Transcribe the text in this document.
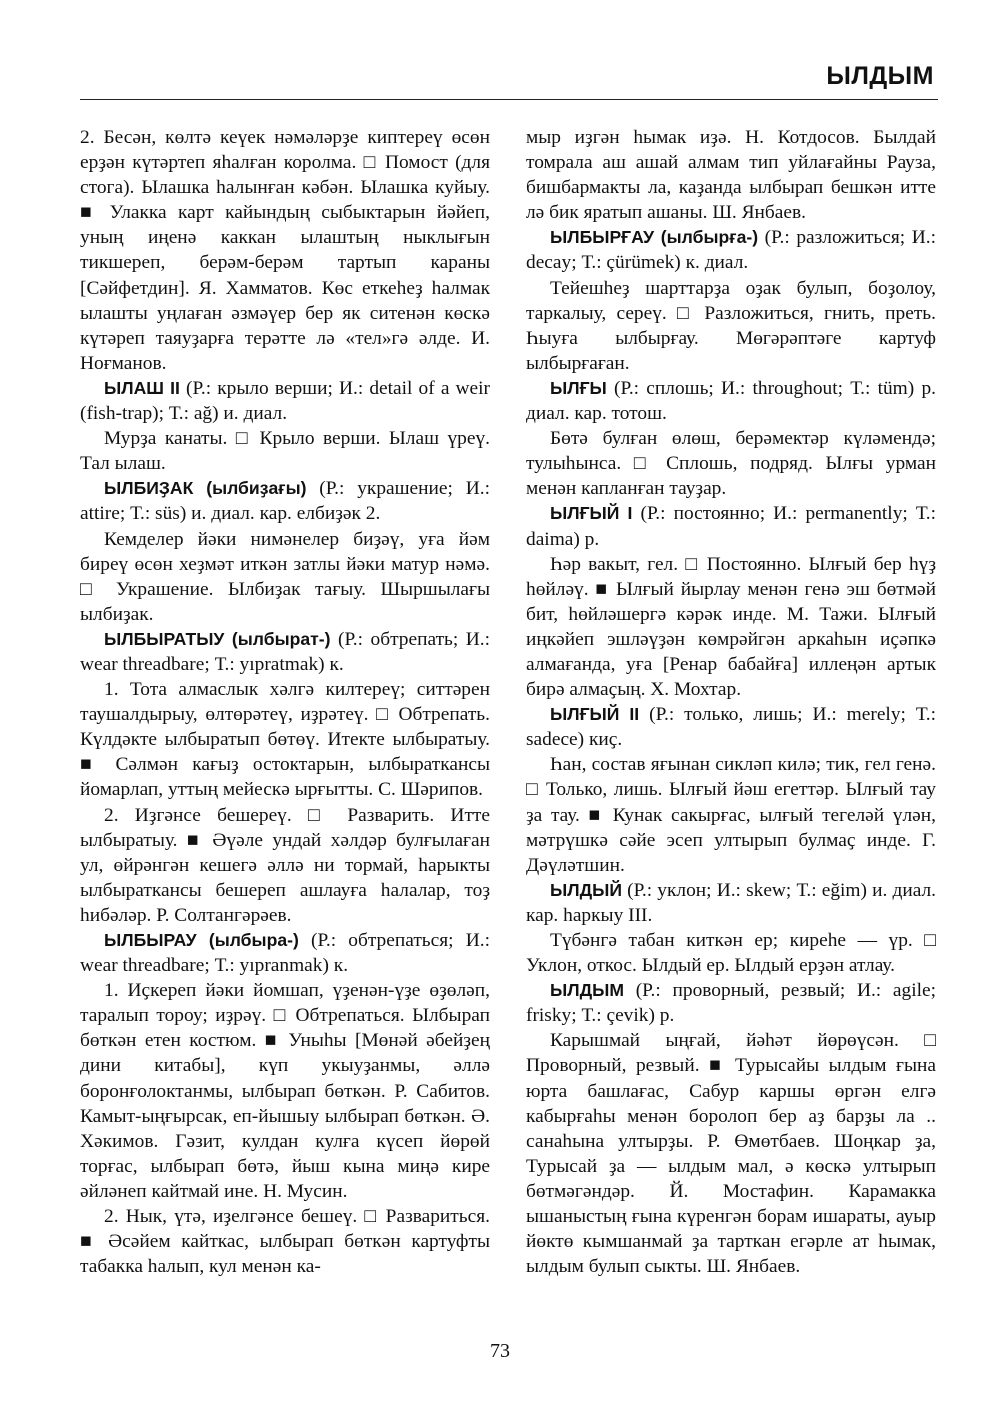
ЫЛДЫМ

2. Бесән, көлтә кеүек нәмәләрҙе киптереү өсөн ерҙән күтәртеп яһалған королма. □ Помост (для стога). Ылашка һалынған кәбән. Ылашка куйыу. ■ Улакка карт кайындың сыбыктарын йәйеп, уның иңенә каккан ылаштың ныклығын тикшереп, берәм-берәм тартып караны [Сәйфетдин]. Я. Хамматов. Көс еткеһеҙ һалмак ылашты уңлаған әзмәүер бер як ситенән көскә күтәреп таяуҙарға терәтте лә «тел»гә әлде. И. Ноғманов.

ЫЛАШ II (Р.: крыло верши; И.: detail of a weir (fish-trap); Т.: ağ) и. диал.

Мурҙа канаты. □ Крыло верши. Ылаш үреү. Тал ылаш.

ЫЛБИҘАК (ылбиҙағы) (Р.: украшение; И.: attire; Т.: süs) и. диал. кар. елбиҙәк 2.

Кемделер йәки нимәнелер биҙәү, уға йәм биреү өсөн хеҙмәт иткән затлы йәки матур нәмә. □ Украшение. Ылбиҙак тағыу. Шыршылағы ылбиҙак.

ЫЛБЫРАТЫУ (ылбырат-) (Р.: обтрепать; И.: wear threadbare; Т.: yıpratmak) к.

1. Тота алмаслык хәлгә килтереү; ситтәрен таушалдырыу, өлтөрәтеү, иҙрәтеү. □ Обтрепать. Күлдәкте ылбыратып бөтөү. Итекте ылбыратыу. ■ Сәлмән кағыҙ остоктарын, ылбыраткансы йомарлап, уттың мейескә ырғытты. С. Шәрипов.

2. Иҙгәнсе бешереү. □ Разварить. Итте ылбыратыу. ■ Әүәле ундай хәлдәр булғылаған ул, өйрәнгән кешегә әллә ни тормай, һарыкты ылбыраткансы бешереп ашлауға һалалар, тоҙ һибәләр. Р. Солтангәрәев.

ЫЛБЫРАУ (ылбыра-) (Р.: обтрепаться; И.: wear threadbare; Т.: yıpranmak) к.

1. Иҫкереп йәки йомшап, үҙенән-үҙе өҙөләп, таралып тороу; иҙрәү. □ Обтрепаться. Ылбырап бөткән етен костюм. ■ Уныһы [Мөнәй әбейҙең дини китабы], күп укыуҙанмы, әллә боронғолоктанмы, ылбырап бөткән. Р. Сабитов. Камыт-ыңғырсак, еп-йышыу ылбырап бөткән. Ә. Хәкимов. Гәзит, кулдан кулға күсеп йөрөй торғас, ылбырап бөтә, йыш кына миңә кире әйләнеп кайтмай ине. Н. Мусин.

2. Нык, үтә, иҙелгәнсе бешеү. □ Развариться. ■ Әсәйем кайткас, ылбырап бөткән картуфты табакка һалып, кул менән ка-

мыр иҙгән һымак иҙә. Н. Котдосов. Былдай томрала аш ашай алмам тип уйлағайны Рауза, бишбармакты ла, каҙанда ылбырап бешкән итте лә бик яратып ашаны. Ш. Янбаев.

ЫЛБЫРҒАУ (ылбырға-) (Р.: разложиться; И.: decay; Т.: çürümek) к. диал.

Тейешһеҙ шарттарҙа оҙак булып, боҙолоу, таркалыу, сереү. □ Разложиться, гнить, преть. Һыуға ылбырғау. Мөгәрәптәге картуф ылбырғаған.

ЫЛҒЫ (Р.: сплошь; И.: throughout; Т.: tüm) р. диал. кар. тотош.

Бөтә булған өлөш, берәмектәр күләмендә; тулыһынса. □ Сплошь, подряд. Ылғы урман менән капланған тауҙар.

ЫЛҒЫЙ I (Р.: постоянно; И.: permanently; Т.: daima) р.

Һәр вакыт, гел. □ Постоянно. Ылғый бер һүҙ һөйләү. ■ Ылғый йырлау менән генә эш бөтмәй бит, һөйләшергә кәрәк инде. М. Тажи. Ылғый иңкәйеп эшләүҙән көмрәйгән аркаһын иҫәпкә алмағанда, уға [Ренар бабайға] иллеңән артык бирә алмаҫың. Х. Мохтар.

ЫЛҒЫЙ II (Р.: только, лишь; И.: merely; Т.: sadece) киҫ.

Һан, состав яғынан сикләп килә; тик, гел генә. □ Только, лишь. Ылғый йәш егеттәр. Ылғый тау ҙа тау. ■ Кунак сакырғас, ылғый тегеләй үлән, мәтрүшкә сәйе эсеп ултырып булмаҫ инде. Г. Дәүләтшин.

ЫЛДЫЙ (Р.: уклон; И.: skew; Т.: eğim) и. диал. кар. һаркыу III.

Түбәнгә табан киткән ер; киреһе — үр. □ Уклон, откос. Ылдый ер. Ылдый ерҙән атлау.

ЫЛДЫМ (Р.: проворный, резвый; И.: agile; frisky; Т.: çevik) р.

Карышмай ыңғай, йәһәт йөрөүсән. □ Проворный, резвый. ■ Турысайы ылдым ғына юрта башлағас, Сабур каршы өргән елгә кабырғаһы менән боролоп бер аҙ барҙы ла .. санаһына ултырҙы. Р. Өмөтбаев. Шоңкар ҙа, Турысай ҙа — ылдым мал, ә көскә ултырып бөтмәгәндәр. Й. Мостафин. Карамакка ышаныстың ғына күренгән борам ишараты, ауыр йөктө кымшанмай ҙа тарткан егәрле ат һымак, ылдым булып сыкты. Ш. Янбаев.

73
